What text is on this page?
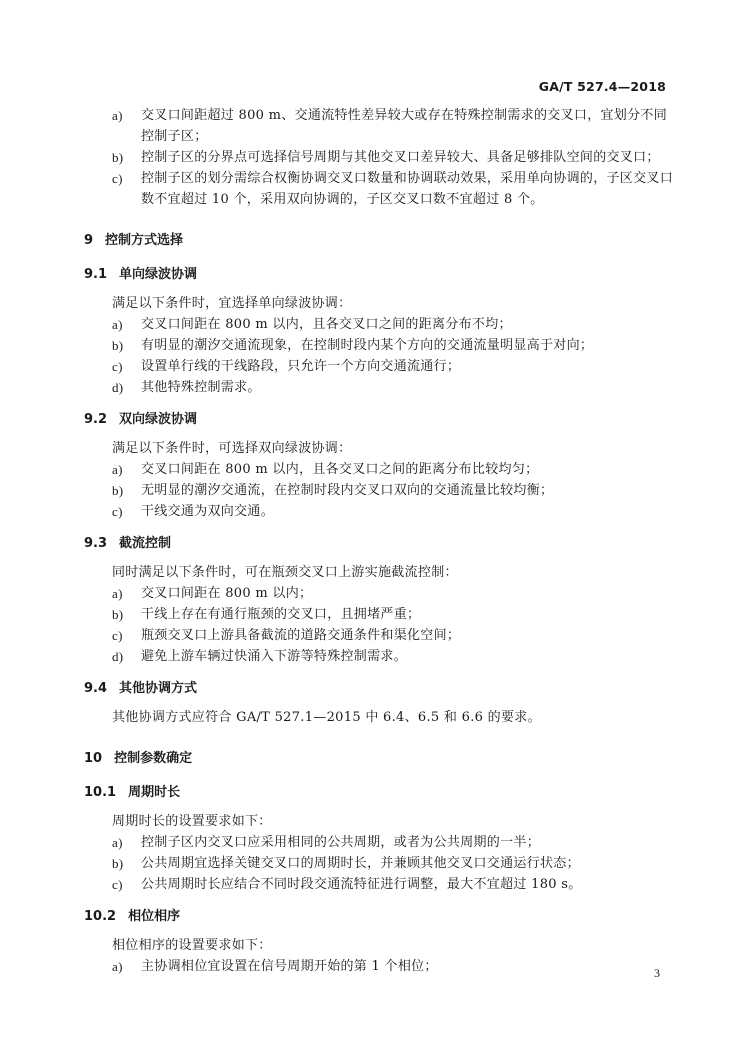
GA/T 527.4—2018
a) 交叉口间距超过 800 m、交通流特性差异较大或存在特殊控制需求的交叉口，宜划分不同控制子区；
b) 控制子区的分界点可选择信号周期与其他交叉口差异较大、具备足够排队空间的交叉口；
c) 控制子区的划分需综合权衡协调交叉口数量和协调联动效果，采用单向协调的，子区交叉口数不宜超过 10 个，采用双向协调的，子区交叉口数不宜超过 8 个。
9 控制方式选择
9.1 单向绿波协调
满足以下条件时，宜选择单向绿波协调：
a) 交叉口间距在 800 m 以内，且各交叉口之间的距离分布不均；
b) 有明显的潮汐交通流现象，在控制时段内某个方向的交通流量明显高于对向；
c) 设置单行线的干线路段，只允许一个方向交通流通行；
d) 其他特殊控制需求。
9.2 双向绿波协调
满足以下条件时，可选择双向绿波协调：
a) 交叉口间距在 800 m 以内，且各交叉口之间的距离分布比较均匀；
b) 无明显的潮汐交通流，在控制时段内交叉口双向的交通流量比较均衡；
c) 干线交通为双向交通。
9.3 截流控制
同时满足以下条件时，可在瓶颈交叉口上游实施截流控制：
a) 交叉口间距在 800 m 以内；
b) 干线上存在有通行瓶颈的交叉口，且拥堵严重；
c) 瓶颈交叉口上游具备截流的道路交通条件和渠化空间；
d) 避免上游车辆过快涌入下游等特殊控制需求。
9.4 其他协调方式
其他协调方式应符合 GA/T 527.1—2015 中 6.4、6.5 和 6.6 的要求。
10 控制参数确定
10.1 周期时长
周期时长的设置要求如下：
a) 控制子区内交叉口应采用相同的公共周期，或者为公共周期的一半；
b) 公共周期宜选择关键交叉口的周期时长，并兼顾其他交叉口交通运行状态；
c) 公共周期时长应结合不同时段交通流特征进行调整，最大不宜超过 180 s。
10.2 相位相序
相位相序的设置要求如下：
a) 主协调相位宜设置在信号周期开始的第 1 个相位；	3
